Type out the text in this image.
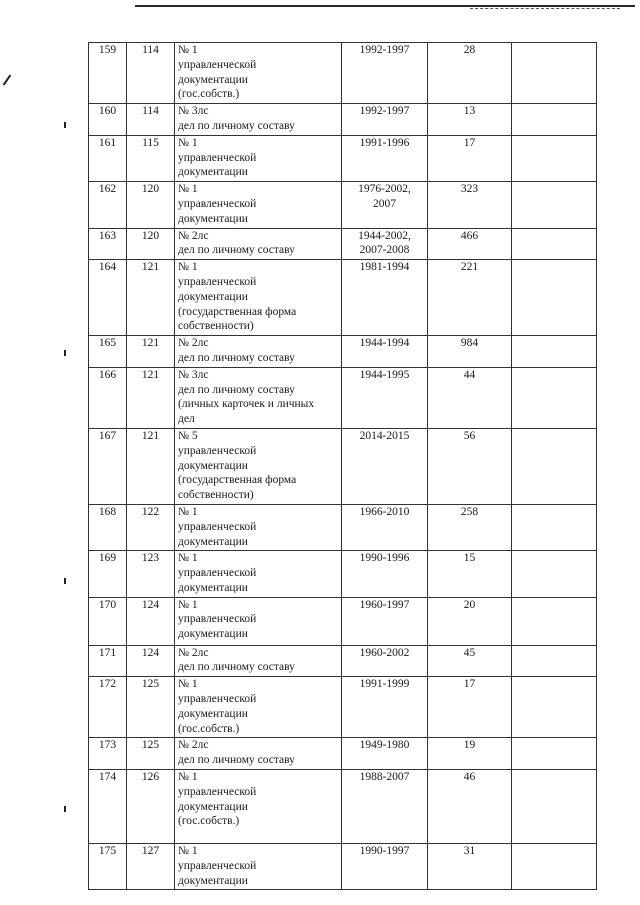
159	114	№ 1
управленческой
документации
(гос.собств.)	1992-1997	28	
160	114	№ 3лс
дел по личному составу	1992-1997	13	
161	115	№ 1
управленческой
документации	1991-1996	17	
162	120	№ 1
управленческой
документации	1976-2002,
2007	323	
163	120	№ 2лс
дел по личному составу	1944-2002,
2007-2008	466	
164	121	№ 1
управленческой
документации
(государственная форма
собственности)	1981-1994	221	
165	121	№ 2лс
дел по личному составу	1944-1994	984	
166	121	№ 3лс
дел по личному составу
(личных карточек и личных
дел	1944-1995	44	
167	121	№ 5
управленческой
документации
(государственная форма
собственности)	2014-2015	56	
168	122	№ 1
управленческой
документации	1966-2010	258	
169	123	№ 1
управленческой
документации	1990-1996	15	
170	124	№ 1
управленческой
документации	1960-1997	20	
171	124	№ 2лс
дел по личному составу	1960-2002	45	
172	125	№ 1
управленческой
документации
(гос.собств.)	1991-1999	17	
173	125	№ 2лс
дел по личному составу	1949-1980	19	
174	126	№ 1
управленческой
документации
(гос.собств.)	1988-2007	46	
175	127	№ 1
управленческой
документации	1990-1997	31	
